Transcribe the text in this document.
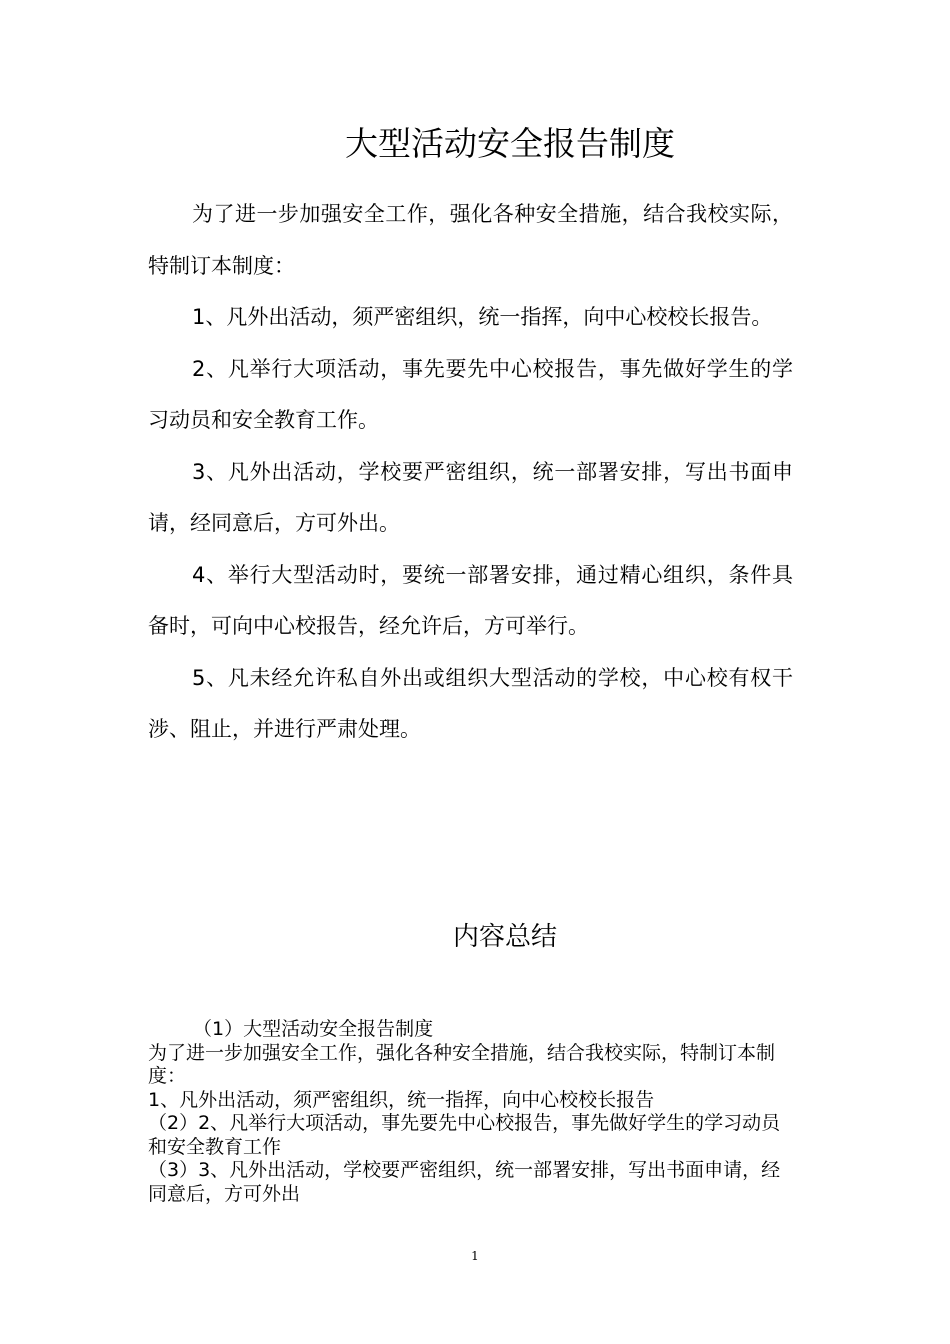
大型活动安全报告制度

为了进一步加强安全工作，强化各种安全措施，结合我校实际，特制订本制度：

1、凡外出活动，须严密组织，统一指挥，向中心校校长报告。

2、凡举行大项活动，事先要先中心校报告，事先做好学生的学习动员和安全教育工作。

3、凡外出活动，学校要严密组织，统一部署安排，写出书面申请，经同意后，方可外出。

4、举行大型活动时，要统一部署安排，通过精心组织，条件具备时，可向中心校报告，经允许后，方可举行。

5、凡未经允许私自外出或组织大型活动的学校，中心校有权干涉、阻止，并进行严肃处理。

内容总结

（1）大型活动安全报告制度

为了进一步加强安全工作，强化各种安全措施，结合我校实际，特制订本制度：

1、凡外出活动，须严密组织，统一指挥，向中心校校长报告

（2）2、凡举行大项活动，事先要先中心校报告，事先做好学生的学习动员和安全教育工作

（3）3、凡外出活动，学校要严密组织，统一部署安排，写出书面申请，经同意后，方可外出

1
